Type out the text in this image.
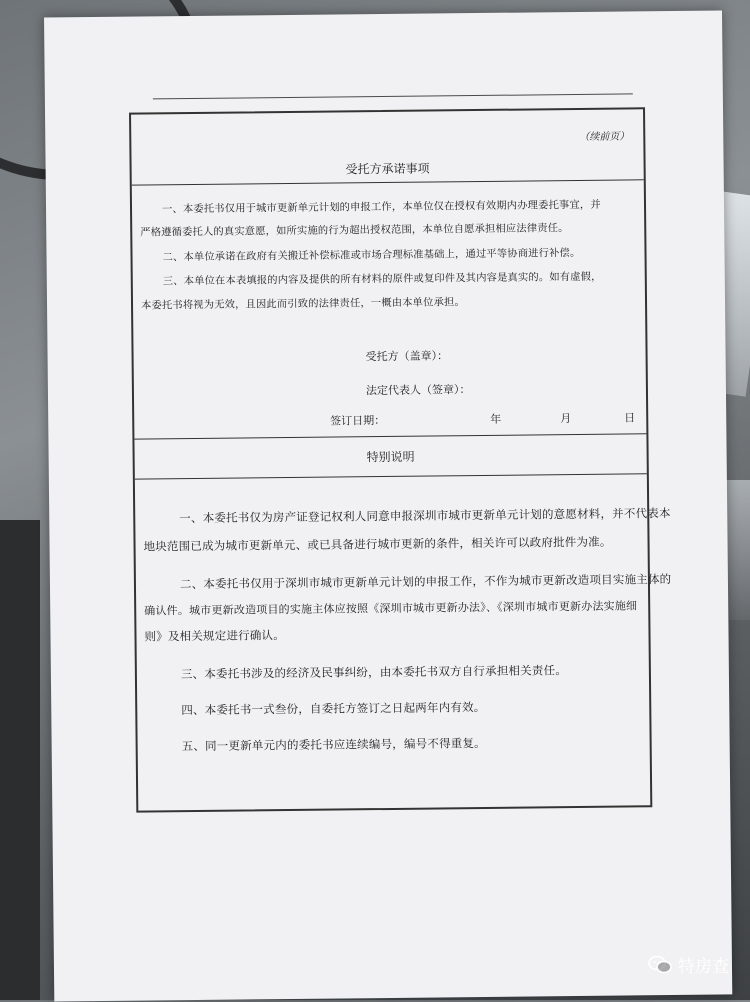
（续前页）
受托方承诺事项
一、本委托书仅用于城市更新单元计划的申报工作，本单位仅在授权有效期内办理委托事宜，并
严格遵循委托人的真实意愿，如所实施的行为超出授权范围，本单位自愿承担相应法律责任。
二、本单位承诺在政府有关搬迁补偿标准或市场合理标准基础上，通过平等协商进行补偿。
三、本单位在本表填报的内容及提供的所有材料的原件或复印件及其内容是真实的。如有虚假，
本委托书将视为无效，且因此而引致的法律责任，一概由本单位承担。
受托方（盖章）：
法定代表人（签章）：
签订日期：	年	月	日
特别说明
一、本委托书仅为房产证登记权利人同意申报深圳市城市更新单元计划的意愿材料，并不代表本
地块范围已成为城市更新单元、或已具备进行城市更新的条件，相关许可以政府批件为准。
二、本委托书仅用于深圳市城市更新单元计划的申报工作，不作为城市更新改造项目实施主体的
确认件。城市更新改造项目的实施主体应按照《深圳市城市更新办法》、《深圳市城市更新办法实施细
则》及相关规定进行确认。
三、本委托书涉及的经济及民事纠纷，由本委托书双方自行承担相关责任。
四、本委托书一式叁份，自委托方签订之日起两年内有效。
五、同一更新单元内的委托书应连续编号，编号不得重复。
特房查
